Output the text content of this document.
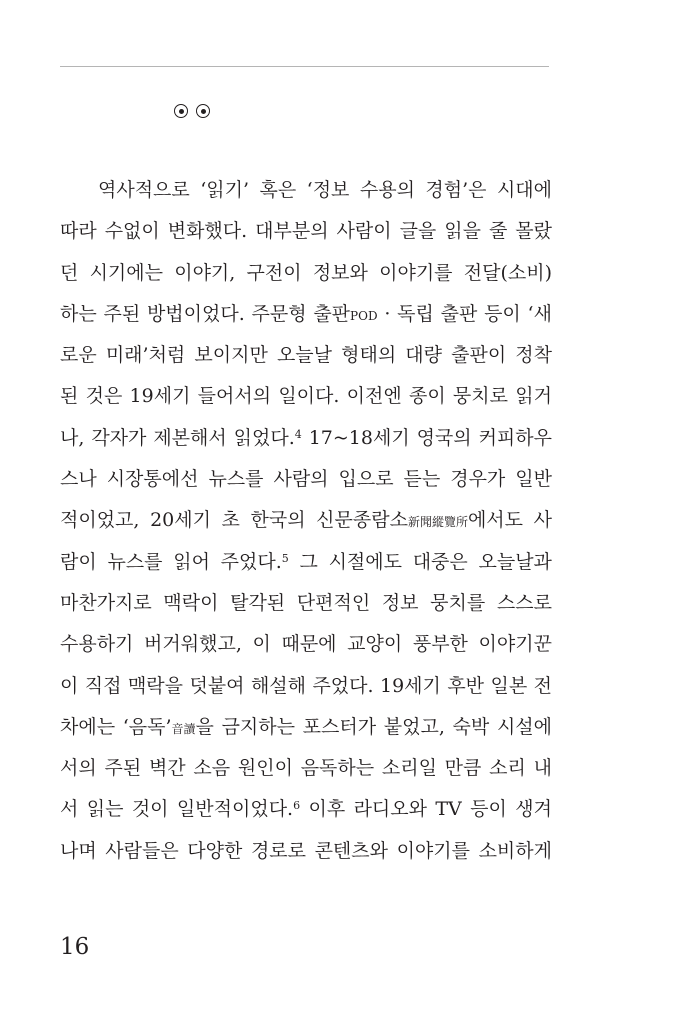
역사적으로 ‘읽기’ 혹은 ‘정보 수용의 경험’은 시대에
따라 수없이 변화했다. 대부분의 사람이 글을 읽을 줄 몰랐
던 시기에는 이야기, 구전이 정보와 이야기를 전달(소비)
하는 주된 방법이었다. 주문형 출판POD · 독립 출판 등이 ‘새
로운 미래’처럼 보이지만 오늘날 형태의 대량 출판이 정착
된 것은 19세기 들어서의 일이다. 이전엔 종이 뭉치로 읽거
나, 각자가 제본해서 읽었다.$^4$ 17~18세기 영국의 커피하우
스나 시장통에선 뉴스를 사람의 입으로 듣는 경우가 일반
적이었고, 20세기 초 한국의 신문종람소新聞縱覽所에서도 사
람이 뉴스를 읽어 주었다.$^5$ 그 시절에도 대중은 오늘날과
마찬가지로 맥락이 탈각된 단편적인 정보 뭉치를 스스로
수용하기 버거워했고, 이 때문에 교양이 풍부한 이야기꾼
이 직접 맥락을 덧붙여 해설해 주었다. 19세기 후반 일본 전
차에는 ‘음독’音讀을 금지하는 포스터가 붙었고, 숙박 시설에
서의 주된 벽간 소음 원인이 음독하는 소리일 만큼 소리 내
서 읽는 것이 일반적이었다.$^6$ 이후 라디오와 TV 등이 생겨
나며 사람들은 다양한 경로로 콘텐츠와 이야기를 소비하게
16
